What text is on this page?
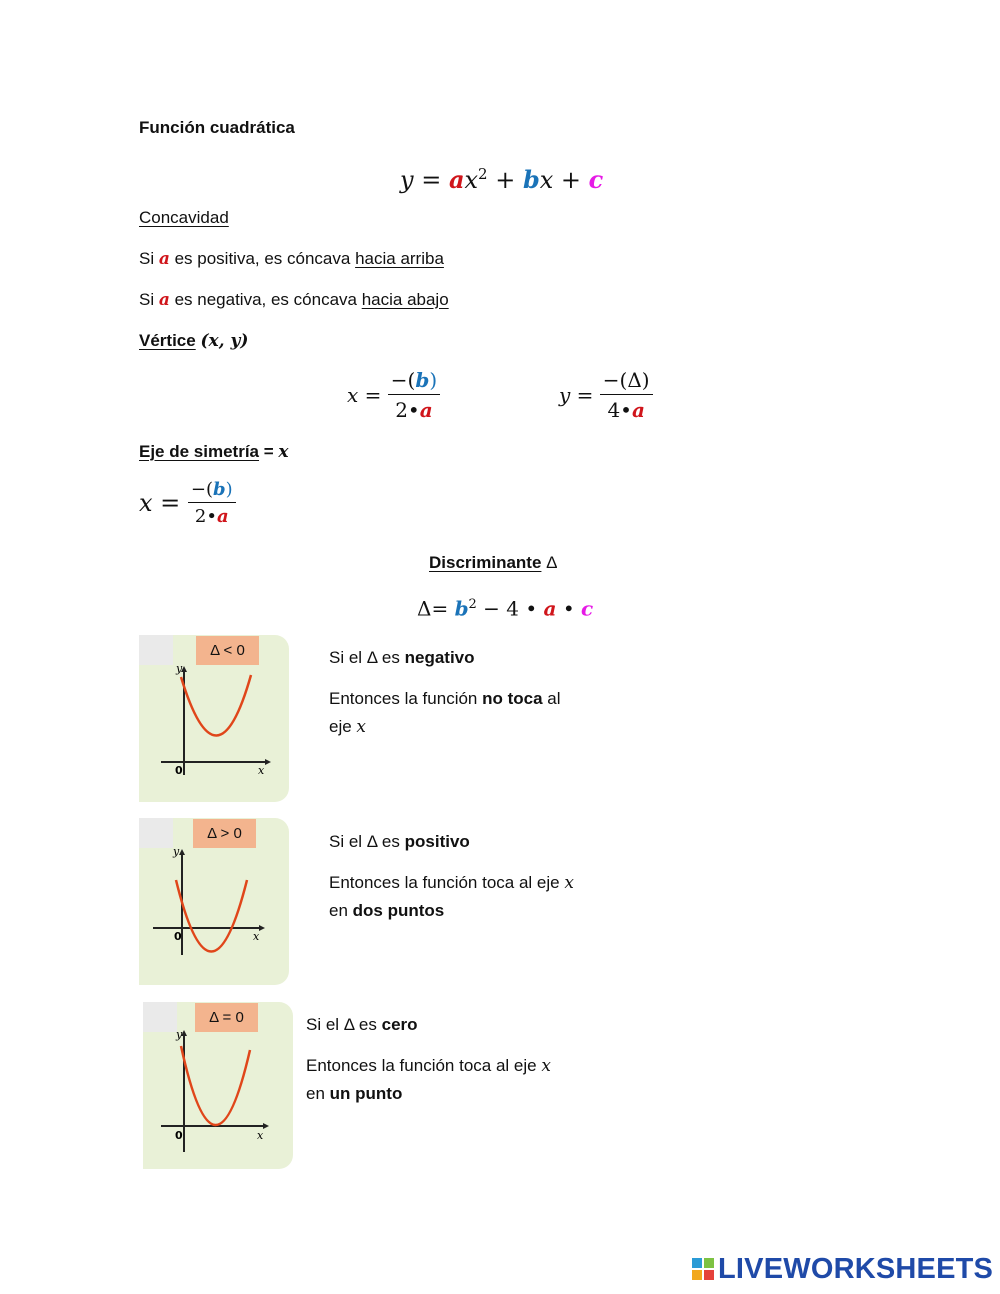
Función cuadrática
$y = ax^2$ + bx + c
Concavidad
Si a es positiva, es cóncava hacia arriba
Si a es negativa, es cóncava hacia abajo
Vértice (x, y)
$x = \frac{-(b)}{2•a}$	$y = \frac{-(\Delta)}{4•a}$
Eje de simetría = x
$x = \frac{-(b)}{2•a}$
Discriminante Δ
$\Delta= b^2 - 4$ • a • c
Δ < 0
y
x
0
Si el Δ es negativo
Entonces la función no toca al
eje x
Δ > 0
y
x
0
Si el Δ es positivo
Entonces la función toca al eje x
en dos puntos
Δ = 0
y
x
0
Si el Δ es cero
Entonces la función toca al eje x
en un punto
LIVEWORKSHEETS
